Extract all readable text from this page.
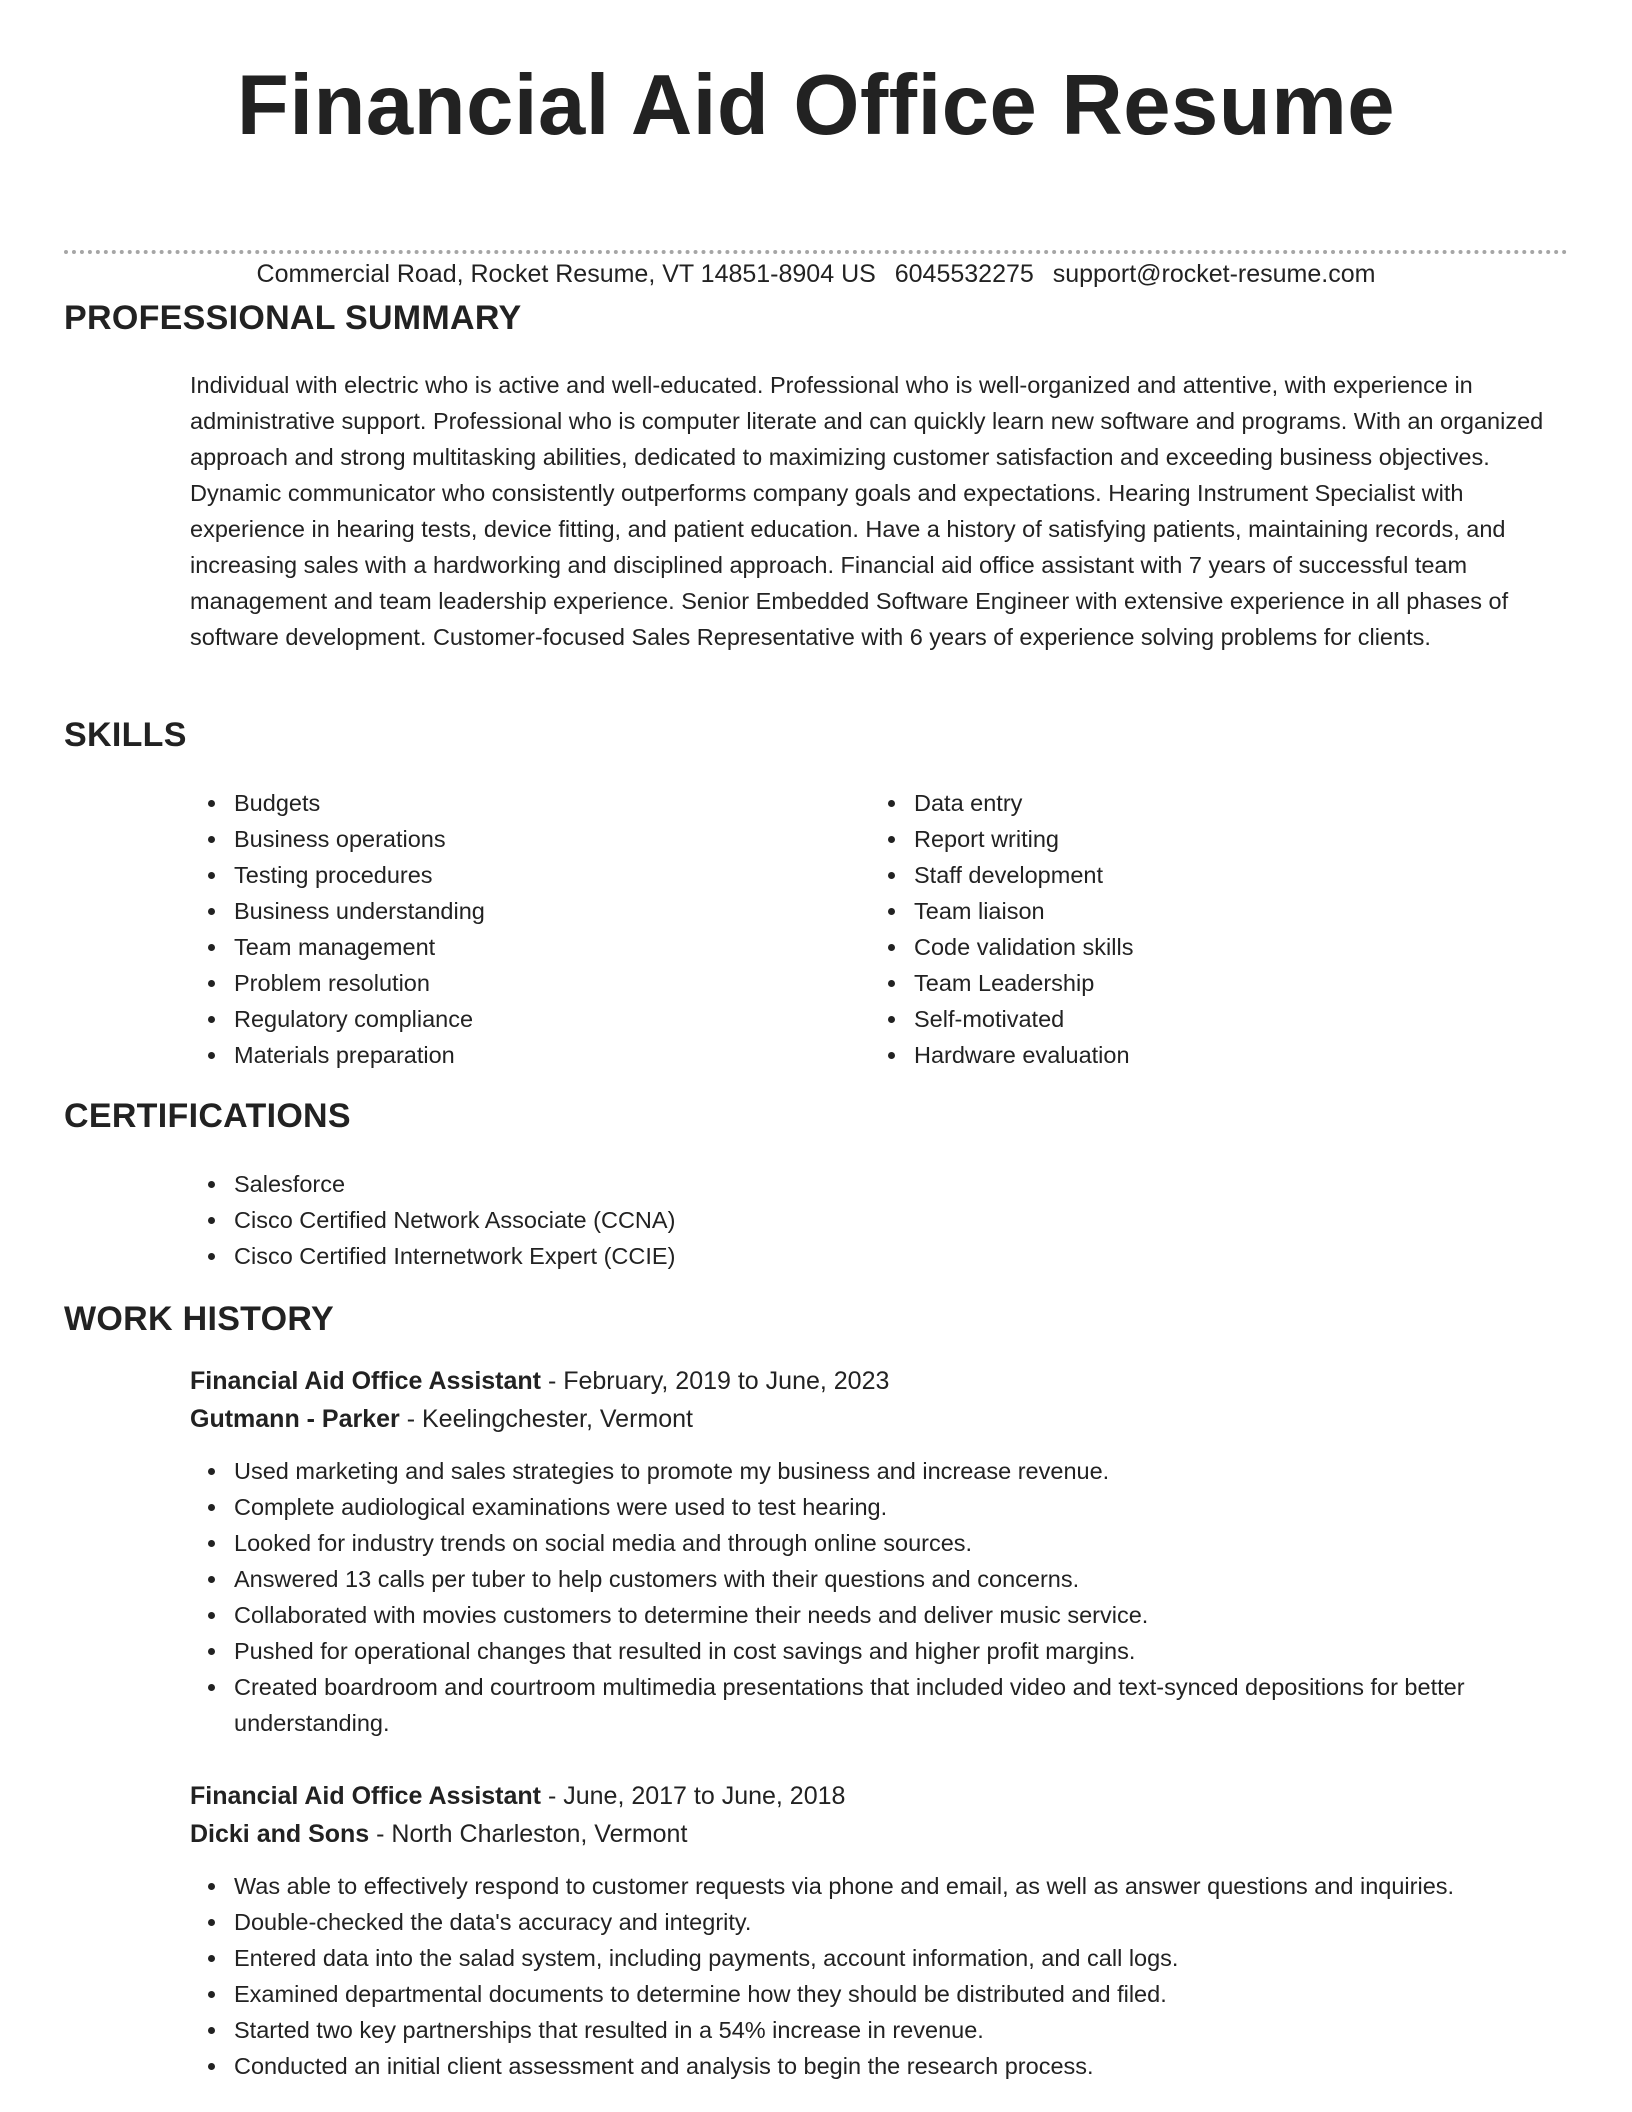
Financial Aid Office Resume
Commercial Road, Rocket Resume, VT 14851-8904 US 6045532275 support@rocket-resume.com
PROFESSIONAL SUMMARY

Individual with electric who is active and well-educated. Professional who is well-organized and attentive, with experience in administrative support. Professional who is computer literate and can quickly learn new software and programs. With an organized approach and strong multitasking abilities, dedicated to maximizing customer satisfaction and exceeding business objectives. Dynamic communicator who consistently outperforms company goals and expectations. Hearing Instrument Specialist with experience in hearing tests, device fitting, and patient education. Have a history of satisfying patients, maintaining records, and increasing sales with a hardworking and disciplined approach. Financial aid office assistant with 7 years of successful team management and team leadership experience. Senior Embedded Software Engineer with extensive experience in all phases of software development. Customer-focused Sales Representative with 6 years of experience solving problems for clients.

SKILLS
Budgets
Business operations
Testing procedures
Business understanding
Team management
Problem resolution
Regulatory compliance
Materials preparation
Data entry
Report writing
Staff development
Team liaison
Code validation skills
Team Leadership
Self-motivated
Hardware evaluation
CERTIFICATIONS
Salesforce
Cisco Certified Network Associate (CCNA)
Cisco Certified Internetwork Expert (CCIE)
WORK HISTORY
Financial Aid Office Assistant - February, 2019 to June, 2023
Gutmann - Parker - Keelingchester, Vermont
Used marketing and sales strategies to promote my business and increase revenue.
Complete audiological examinations were used to test hearing.
Looked for industry trends on social media and through online sources.
Answered 13 calls per tuber to help customers with their questions and concerns.
Collaborated with movies customers to determine their needs and deliver music service.
Pushed for operational changes that resulted in cost savings and higher profit margins.
Created boardroom and courtroom multimedia presentations that included video and text-synced depositions for better understanding.
Financial Aid Office Assistant - June, 2017 to June, 2018
Dicki and Sons - North Charleston, Vermont
Was able to effectively respond to customer requests via phone and email, as well as answer questions and inquiries.
Double-checked the data's accuracy and integrity.
Entered data into the salad system, including payments, account information, and call logs.
Examined departmental documents to determine how they should be distributed and filed.
Started two key partnerships that resulted in a 54% increase in revenue.
Conducted an initial client assessment and analysis to begin the research process.
